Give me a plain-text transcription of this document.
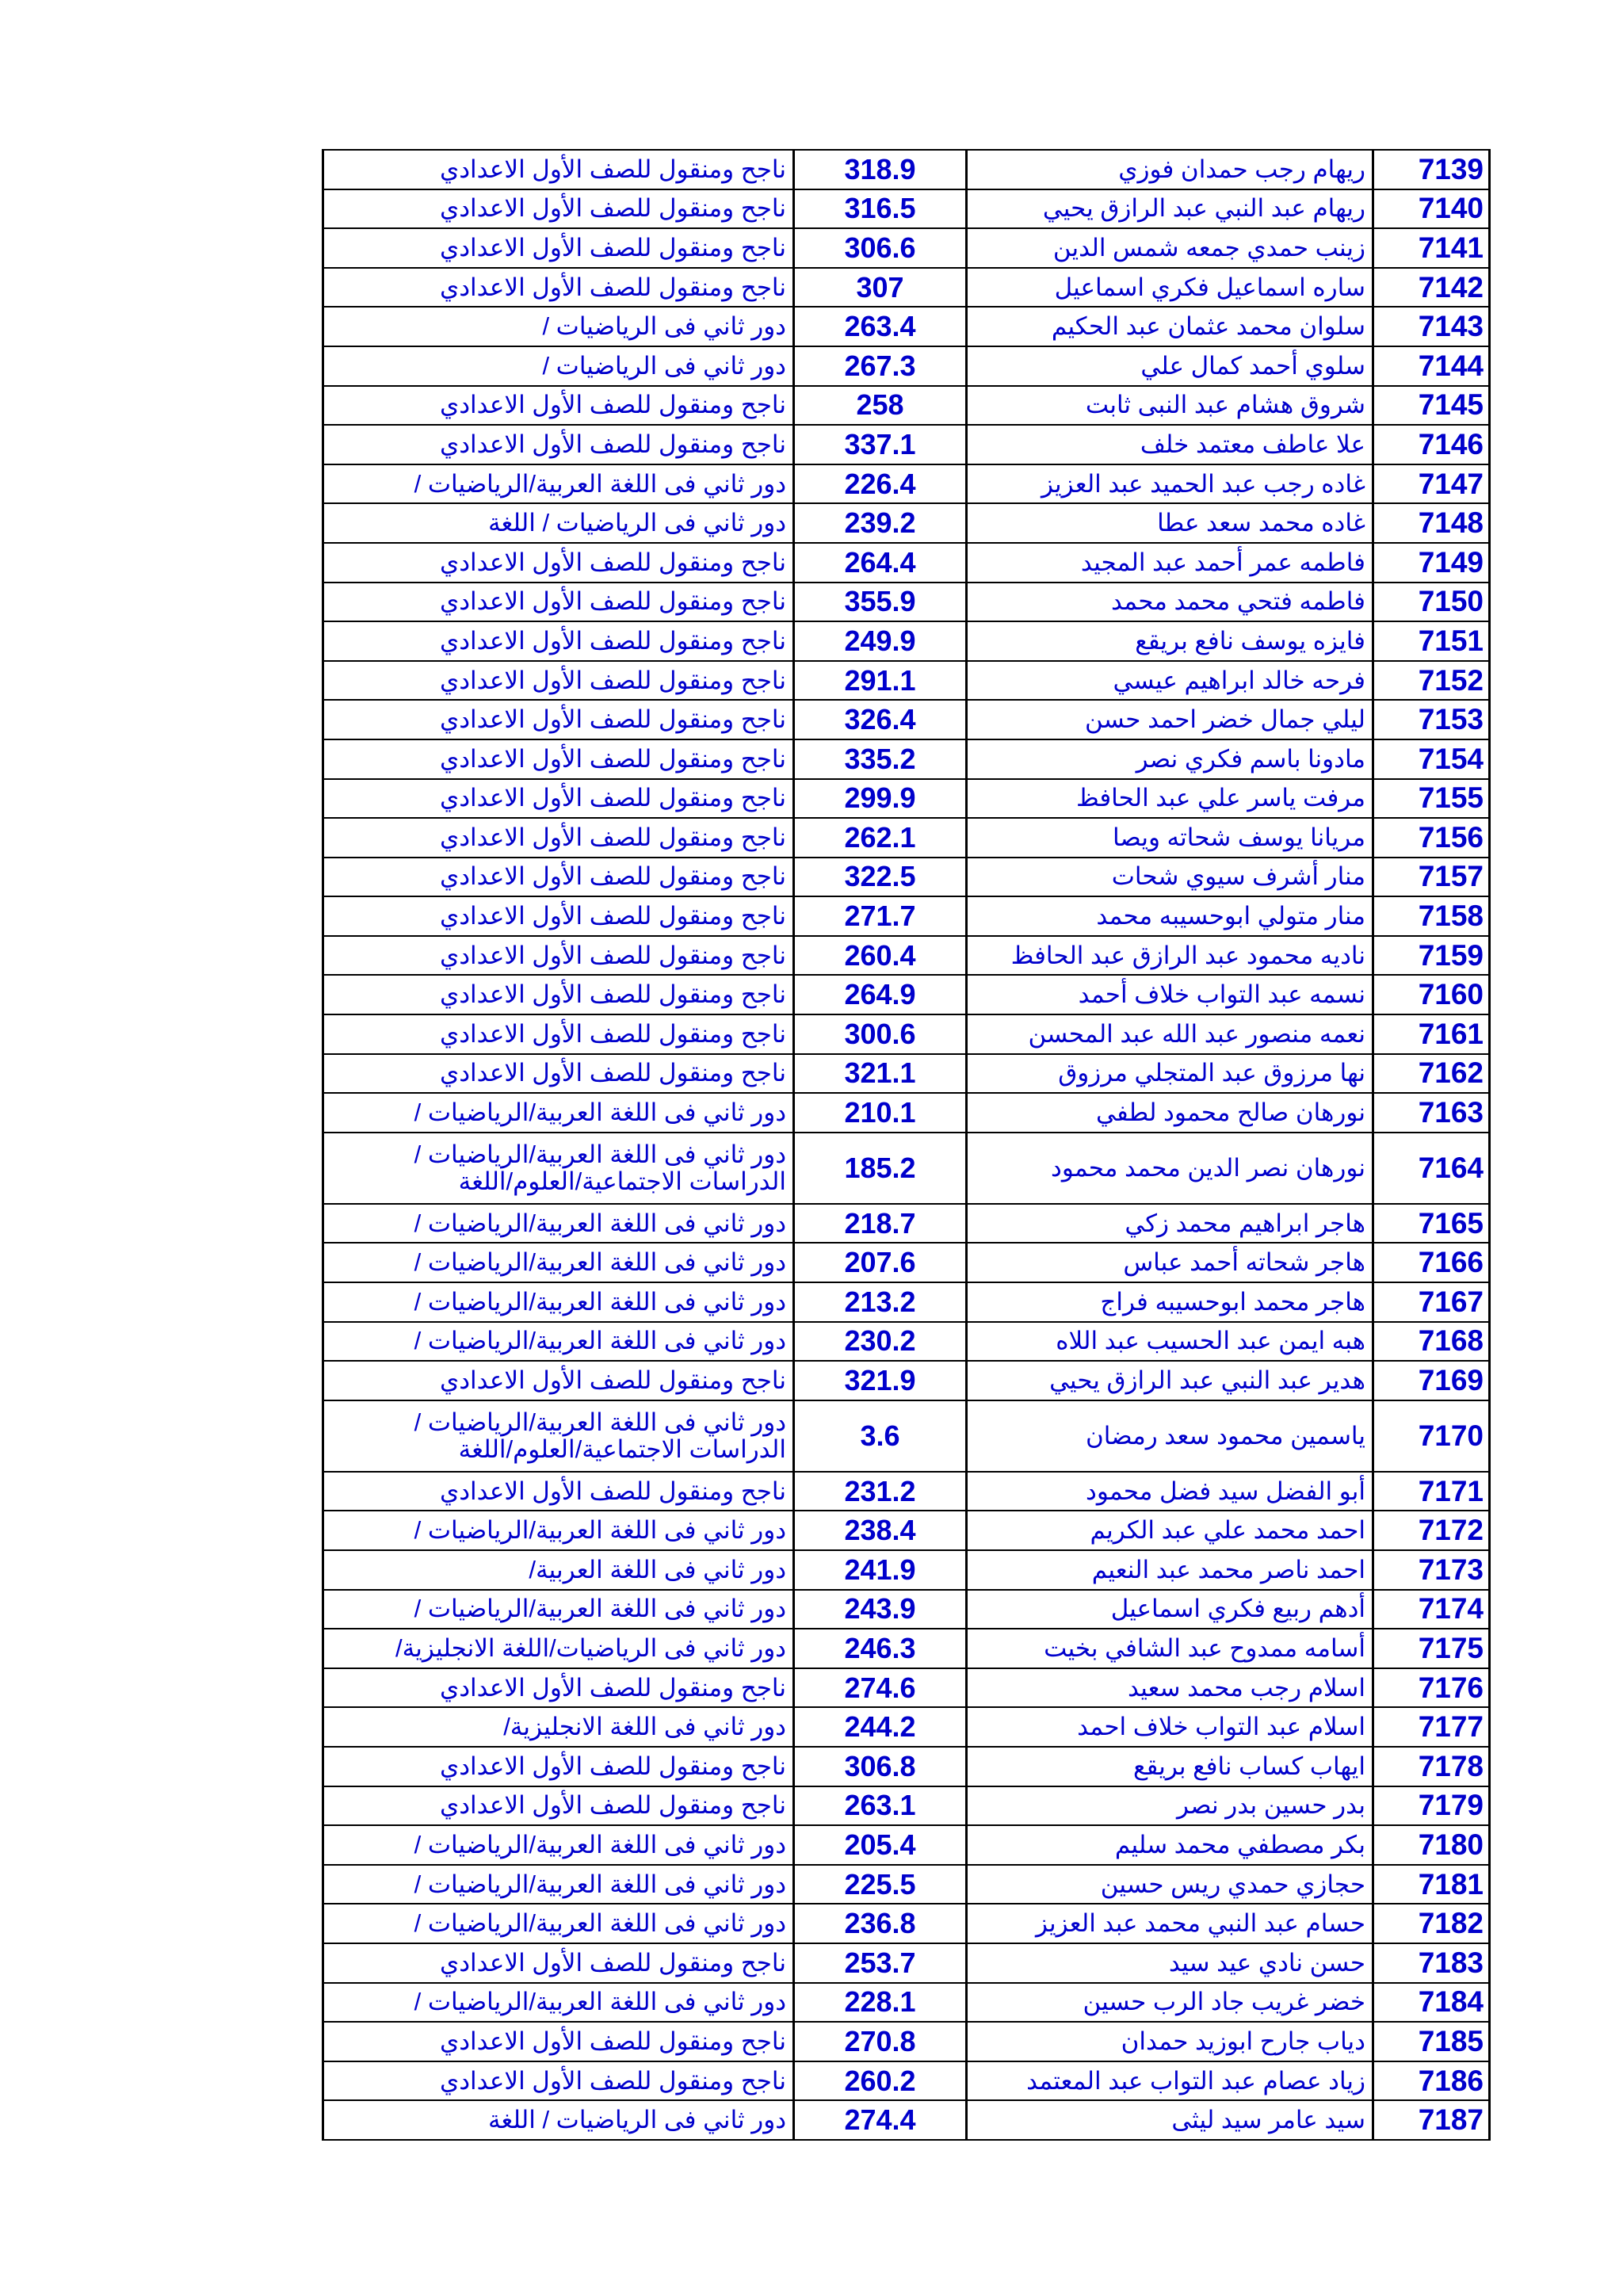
ناجح ومنقول للصف الأول الاعدادي	318.9	ريهام رجب حمدان فوزي	7139
ناجح ومنقول للصف الأول الاعدادي	316.5	ريهام عبد النبي عبد الرازق يحيي	7140
ناجح ومنقول للصف الأول الاعدادي	306.6	زينب حمدي جمعه شمس الدين	7141
ناجح ومنقول للصف الأول الاعدادي	307	ساره اسماعيل فكري اسماعيل	7142
دور ثاني فى الرياضيات /	263.4	سلوان محمد عثمان عبد الحكيم	7143
دور ثاني فى الرياضيات /	267.3	سلوي أحمد كمال علي	7144
ناجح ومنقول للصف الأول الاعدادي	258	شروق هشام عبد النبى ثابت	7145
ناجح ومنقول للصف الأول الاعدادي	337.1	علا عاطف معتمد خلف	7146
دور ثاني فى اللغة العربية/الرياضيات /	226.4	غاده رجب عبد الحميد عبد العزيز	7147
دور ثاني فى الرياضيات / اللغة	239.2	غاده محمد سعد عطا	7148
ناجح ومنقول للصف الأول الاعدادي	264.4	فاطمه عمر أحمد عبد المجيد	7149
ناجح ومنقول للصف الأول الاعدادي	355.9	فاطمه فتحي محمد محمد	7150
ناجح ومنقول للصف الأول الاعدادي	249.9	فايزه يوسف نافع بريقع	7151
ناجح ومنقول للصف الأول الاعدادي	291.1	فرحه خالد ابراهيم عيسي	7152
ناجح ومنقول للصف الأول الاعدادي	326.4	ليلي جمال خضر احمد حسن	7153
ناجح ومنقول للصف الأول الاعدادي	335.2	مادونا باسم فكري نصر	7154
ناجح ومنقول للصف الأول الاعدادي	299.9	مرفت ياسر علي عبد الحافظ	7155
ناجح ومنقول للصف الأول الاعدادي	262.1	مريانا يوسف شحاته ويصا	7156
ناجح ومنقول للصف الأول الاعدادي	322.5	منار أشرف سيوي شحات	7157
ناجح ومنقول للصف الأول الاعدادي	271.7	منار متولي ابوحسيبه محمد	7158
ناجح ومنقول للصف الأول الاعدادي	260.4	ناديه محمود عبد الرازق عبد الحافظ	7159
ناجح ومنقول للصف الأول الاعدادي	264.9	نسمه عبد التواب خلاف أحمد	7160
ناجح ومنقول للصف الأول الاعدادي	300.6	نعمه منصور عبد الله عبد المحسن	7161
ناجح ومنقول للصف الأول الاعدادي	321.1	نها مرزوق عبد المتجلي مرزوق	7162
دور ثاني فى اللغة العربية/الرياضيات /	210.1	نورهان صالح محمود لطفي	7163
دور ثاني فى اللغة العربية/الرياضيات / الدراسات الاجتماعية/العلوم/اللغة	185.2	نورهان نصر الدين محمد محمود	7164
دور ثاني فى اللغة العربية/الرياضيات /	218.7	هاجر ابراهيم محمد زكي	7165
دور ثاني فى اللغة العربية/الرياضيات /	207.6	هاجر شحاته أحمد عباس	7166
دور ثاني فى اللغة العربية/الرياضيات /	213.2	هاجر محمد ابوحسيبه فراج	7167
دور ثاني فى اللغة العربية/الرياضيات /	230.2	هبه ايمن عبد الحسيب عبد اللاه	7168
ناجح ومنقول للصف الأول الاعدادي	321.9	هدير عبد النبي عبد الرازق يحيي	7169
دور ثاني فى اللغة العربية/الرياضيات / الدراسات الاجتماعية/العلوم/اللغة	3.6	ياسمين محمود سعد رمضان	7170
ناجح ومنقول للصف الأول الاعدادي	231.2	أبو الفضل سيد فضل محمود	7171
دور ثاني فى اللغة العربية/الرياضيات /	238.4	احمد محمد علي عبد الكريم	7172
دور ثاني فى اللغة العربية/	241.9	احمد ناصر محمد عبد النعيم	7173
دور ثاني فى اللغة العربية/الرياضيات /	243.9	أدهم ربيع فكري اسماعيل	7174
دور ثاني فى الرياضيات/اللغة الانجليزية/	246.3	أسامه ممدوح عبد الشافي بخيت	7175
ناجح ومنقول للصف الأول الاعدادي	274.6	اسلام رجب محمد سعيد	7176
دور ثاني فى اللغة الانجليزية/	244.2	اسلام عبد التواب خلاف احمد	7177
ناجح ومنقول للصف الأول الاعدادي	306.8	ايهاب كساب نافع بريقع	7178
ناجح ومنقول للصف الأول الاعدادي	263.1	بدر حسين بدر نصر	7179
دور ثاني فى اللغة العربية/الرياضيات /	205.4	بكر مصطفي محمد سليم	7180
دور ثاني فى اللغة العربية/الرياضيات /	225.5	حجازي حمدي ريس حسين	7181
دور ثاني فى اللغة العربية/الرياضيات /	236.8	حسام عبد النبي محمد عبد العزيز	7182
ناجح ومنقول للصف الأول الاعدادي	253.7	حسن نادي عيد سيد	7183
دور ثاني فى اللغة العربية/الرياضيات /	228.1	خضر غريب جاد الرب حسين	7184
ناجح ومنقول للصف الأول الاعدادي	270.8	دياب جارح ابوزيد حمدان	7185
ناجح ومنقول للصف الأول الاعدادي	260.2	زياد عصام عبد التواب عبد المعتمد	7186
دور ثاني فى الرياضيات / اللغة	274.4	سيد عامر سيد ليثى	7187
